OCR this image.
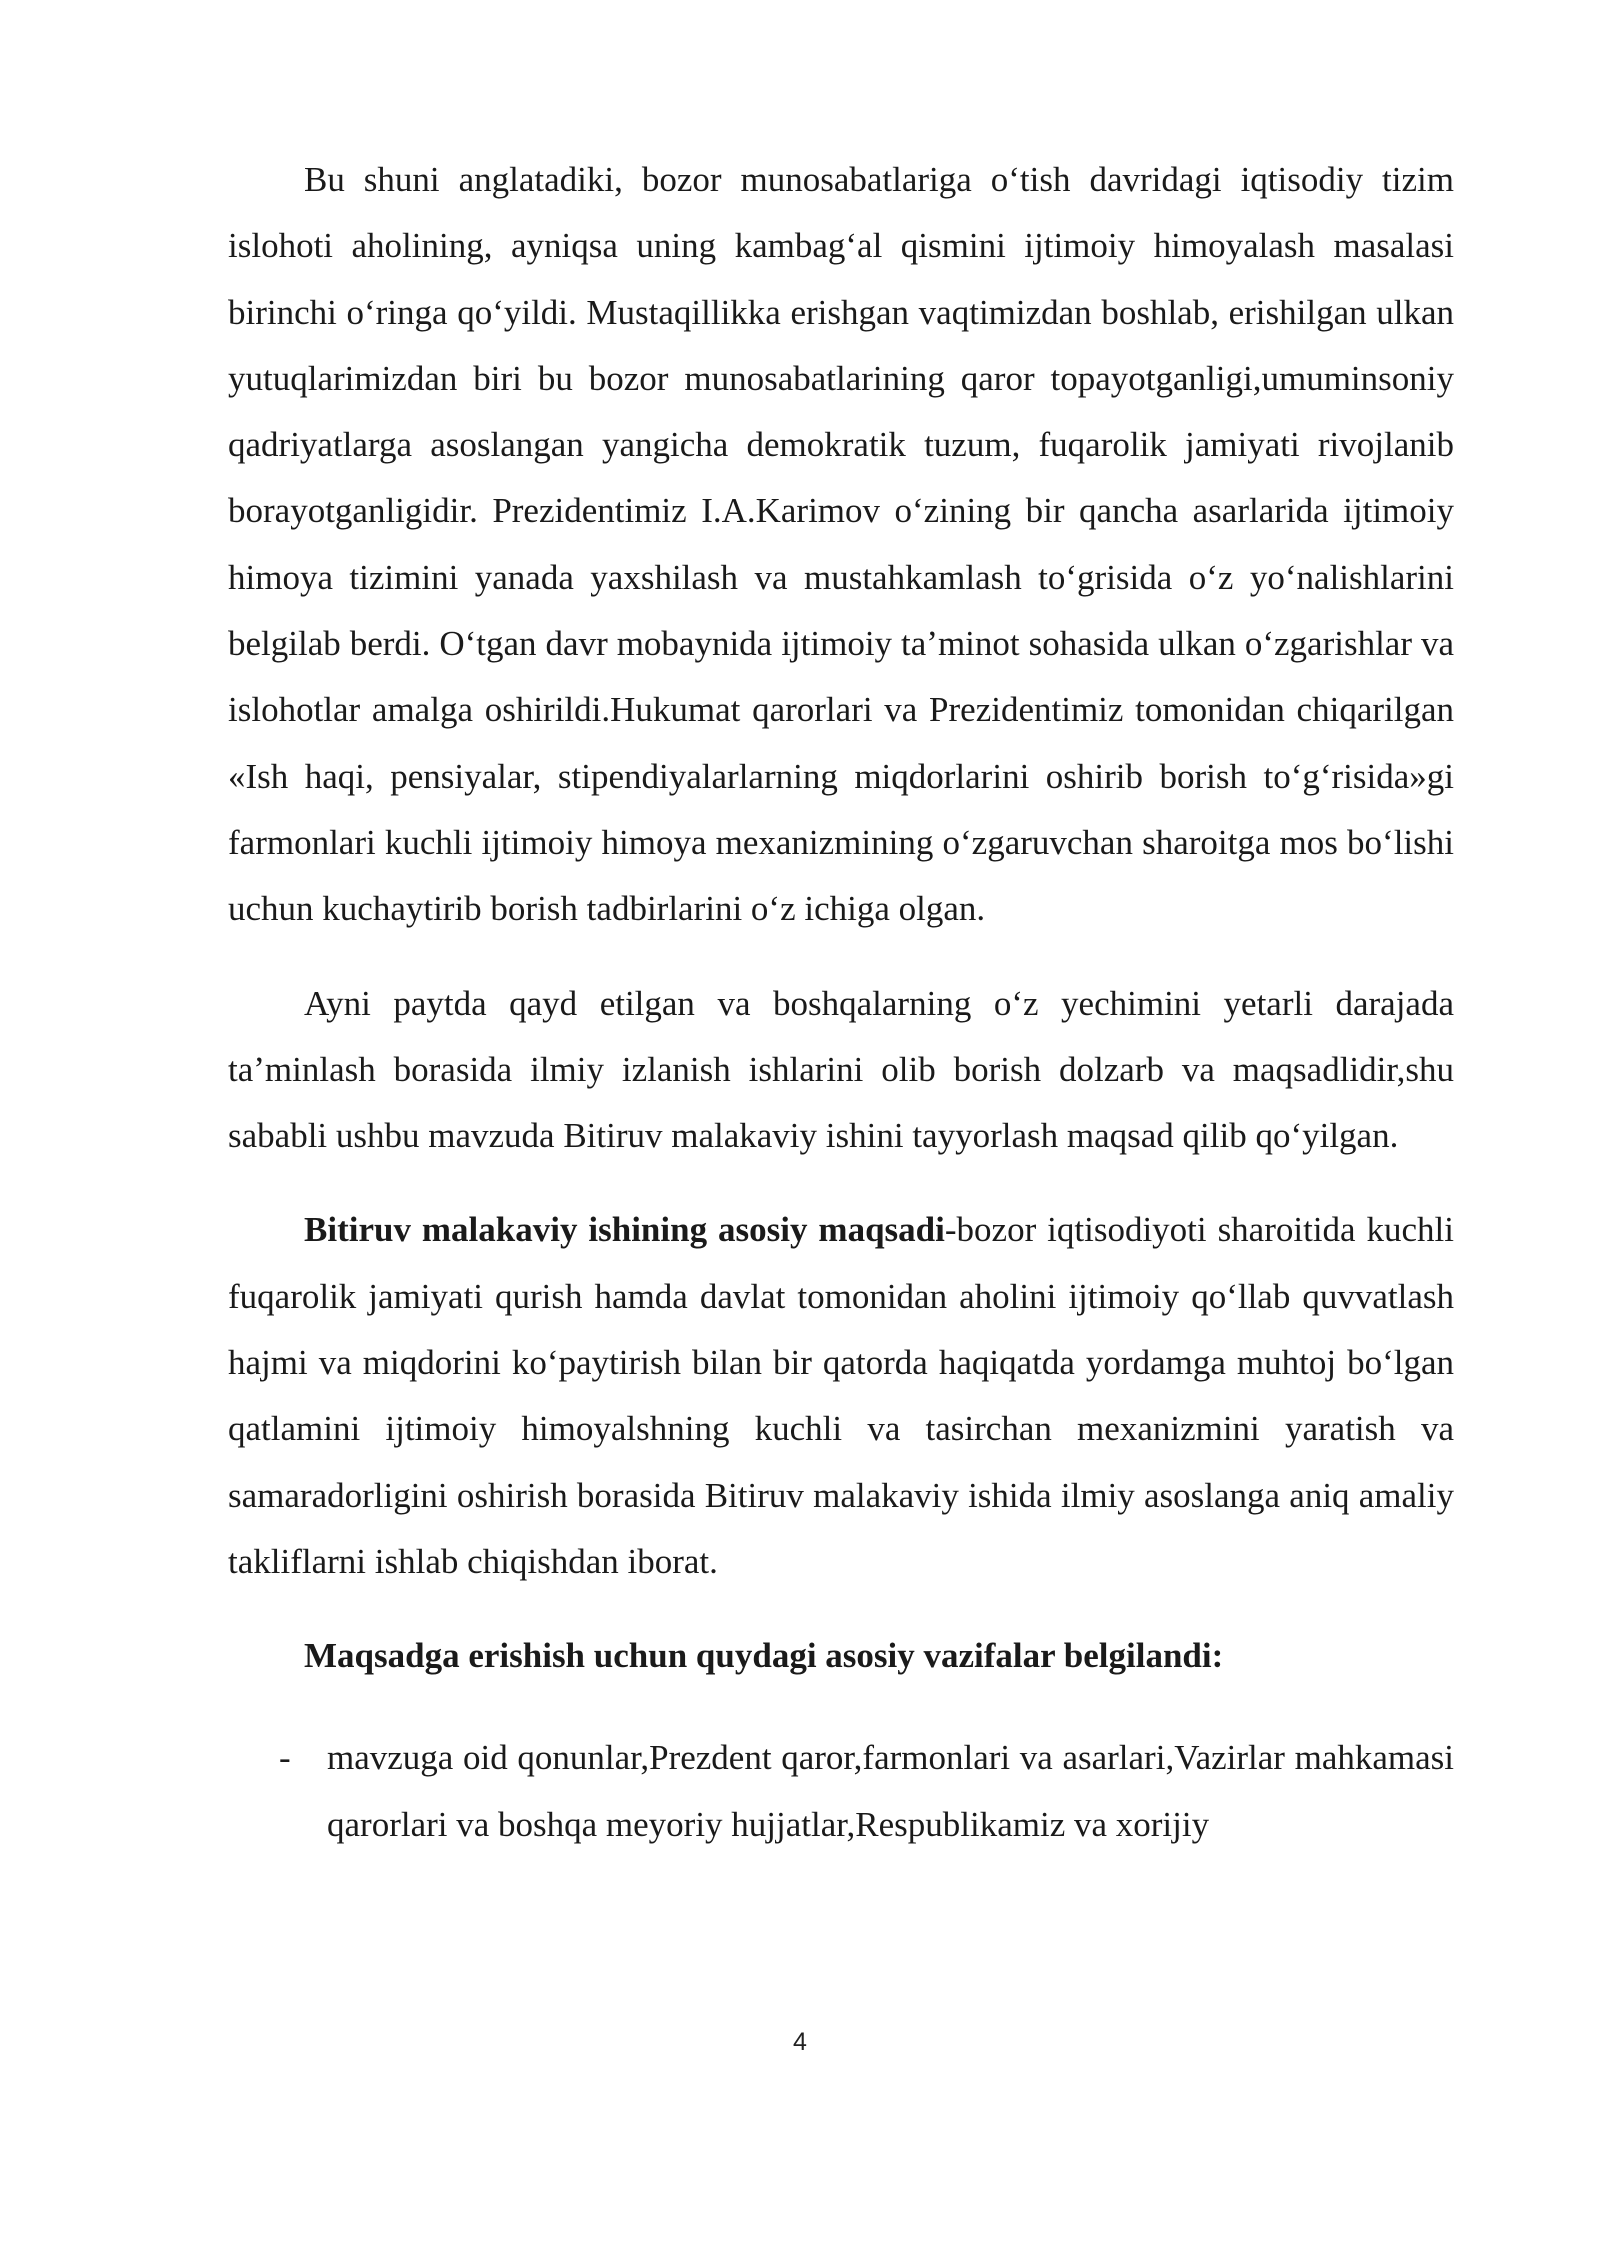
Bu shuni anglatadiki, bozor munosabatlariga oʻtish davridagi iqtisodiy tizim islohoti aholining, ayniqsa uning kambagʻal qismini ijtimoiy himoyalash masalasi birinchi oʻringa qoʻyildi. Mustaqillikka erishgan vaqtimizdan boshlab, erishilgan ulkan yutuqlarimizdan biri bu bozor munosabatlarining qaror topayotganligi,umuminsoniy qadriyatlarga asoslangan yangicha demokratik tuzum, fuqarolik jamiyati rivojlanib borayotganligidir. Prezidentimiz I.A.Karimov oʻzining bir qancha asarlarida ijtimoiy himoya tizimini yanada yaxshilash va mustahkamlash toʻgrisida oʻz yoʻnalishlarini belgilab berdi. Oʻtgan davr mobaynida ijtimoiy taʼminot sohasida ulkan oʻzgarishlar va islohotlar amalga oshirildi.Hukumat qarorlari va Prezidentimiz tomonidan chiqarilgan «Ish haqi, pensiyalar, stipendiyalarlarning miqdorlarini oshirib borish toʻgʻrisida»gi farmonlari kuchli ijtimoiy himoya mexanizmining oʻzgaruvchan sharoitga mos boʻlishi uchun kuchaytirib borish tadbirlarini oʻz ichiga olgan.

Ayni paytda qayd etilgan va boshqalarning oʻz yechimini yetarli darajada taʼminlash borasida ilmiy izlanish ishlarini olib borish dolzarb va maqsadlidir,shu sababli ushbu mavzuda Bitiruv malakaviy ishini tayyorlash maqsad qilib qoʻyilgan.

Bitiruv malakaviy ishining asosiy maqsadi-bozor iqtisodiyoti sharoitida kuchli fuqarolik jamiyati qurish hamda davlat tomonidan aholini ijtimoiy qoʻllab quvvatlash hajmi va miqdorini koʻpaytirish bilan bir qatorda haqiqatda yordamga muhtoj boʻlgan qatlamini ijtimoiy himoyalshning kuchli va tasirchan mexanizmini yaratish va samaradorligini oshirish borasida Bitiruv malakaviy ishida ilmiy asoslanga aniq amaliy takliflarni ishlab chiqishdan iborat.

Maqsadga erishish uchun quydagi asosiy vazifalar belgilandi:

- mavzuga oid qonunlar,Prezdent qaror,farmonlari va asarlari,Vazirlar mahkamasi qarorlari va boshqa meyoriy hujjatlar,Respublikamiz va xorijiy
4
